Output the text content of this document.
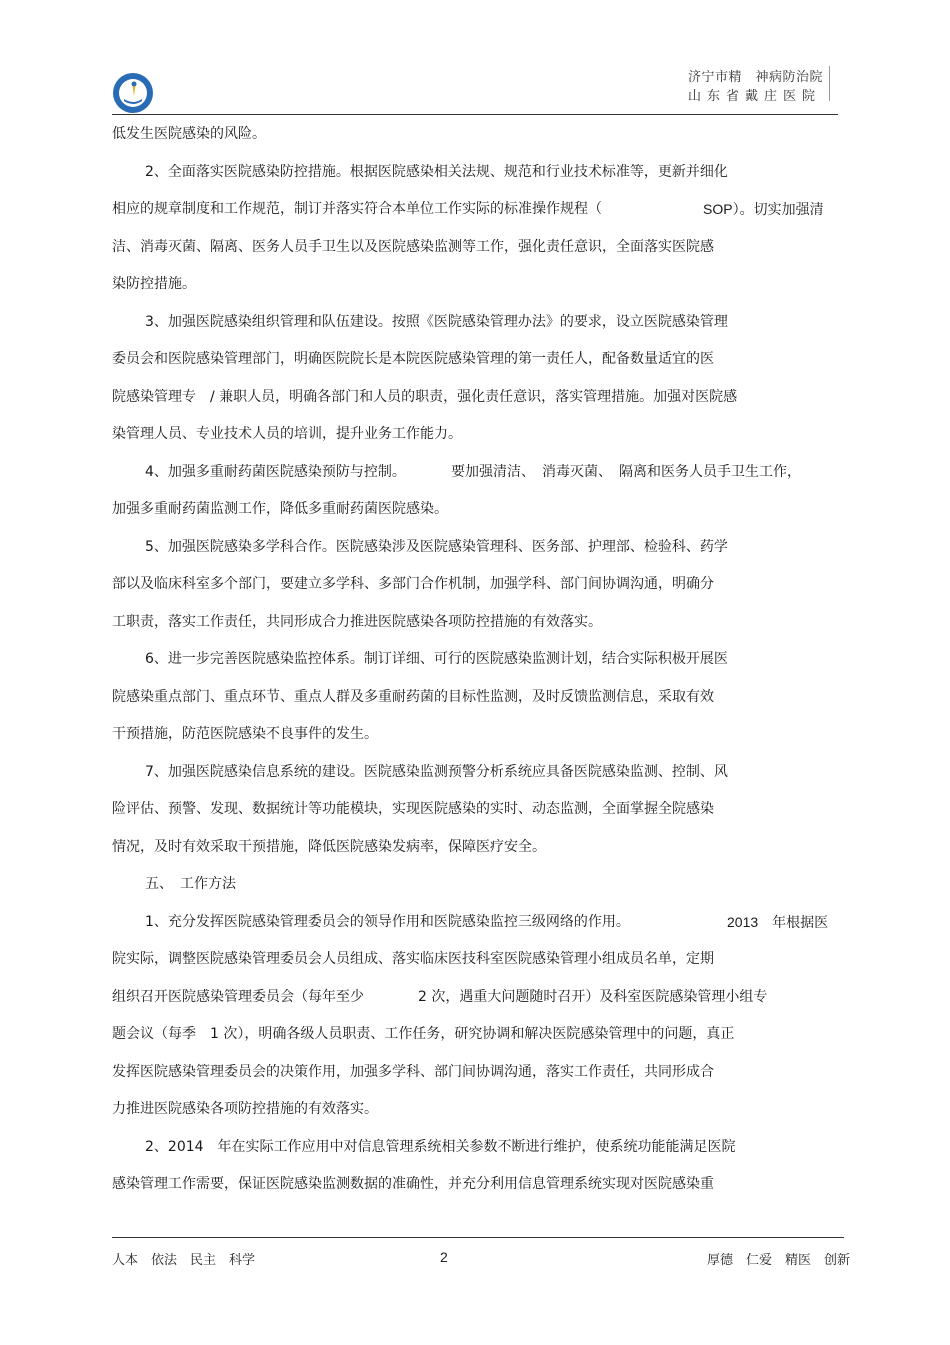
济宁市精　神病防治院
山东省戴庄医院
低发生医院感染的风险。
2、全面落实医院感染防控措施。根据医院感染相关法规、规范和行业技术标准等，更新并细化
相应的规章制度和工作规范，制订并落实符合本单位工作实际的标准操作规程（	SOP）。切实加强清
洁、消毒灭菌、隔离、医务人员手卫生以及医院感染监测等工作，强化责任意识，全面落实医院感
染防控措施。
3、加强医院感染组织管理和队伍建设。按照《医院感染管理办法》的要求，设立医院感染管理
委员会和医院感染管理部门，明确医院院长是本院医院感染管理的第一责任人，配备数量适宜的医
院感染管理专　/ 兼职人员，明确各部门和人员的职责，强化责任意识，落实管理措施。加强对医院感
染管理人员、专业技术人员的培训，提升业务工作能力。
4、加强多重耐药菌医院感染预防与控制。	要加强清洁、　消毒灭菌、　隔离和医务人员手卫生工作，
加强多重耐药菌监测工作，降低多重耐药菌医院感染。
5、加强医院感染多学科合作。医院感染涉及医院感染管理科、医务部、护理部、检验科、药学
部以及临床科室多个部门，要建立多学科、多部门合作机制，加强学科、部门间协调沟通，明确分
工职责，落实工作责任，共同形成合力推进医院感染各项防控措施的有效落实。
6、进一步完善医院感染监控体系。制订详细、可行的医院感染监测计划，结合实际积极开展医
院感染重点部门、重点环节、重点人群及多重耐药菌的目标性监测，及时反馈监测信息，采取有效
干预措施，防范医院感染不良事件的发生。
7、加强医院感染信息系统的建设。医院感染监测预警分析系统应具备医院感染监测、控制、风
险评估、预警、发现、数据统计等功能模块，实现医院感染的实时、动态监测，全面掌握全院感染
情况，及时有效采取干预措施，降低医院感染发病率，保障医疗安全。
五、　工作方法
1、充分发挥医院感染管理委员会的领导作用和医院感染监控三级网络的作用。	2013　年根据医
院实际，调整医院感染管理委员会人员组成、落实临床医技科室医院感染管理小组成员名单，定期
组织召开医院感染管理委员会（每年至少	2 次，遇重大问题随时召开）及科室医院感染管理小组专
题会议（每季　1 次），明确各级人员职责、工作任务，研究协调和解决医院感染管理中的问题，真正
发挥医院感染管理委员会的决策作用，加强多学科、部门间协调沟通，落实工作责任，共同形成合
力推进医院感染各项防控措施的有效落实。
2、2014　年在实际工作应用中对信息管理系统相关参数不断进行维护，使系统功能能满足医院
感染管理工作需要，保证医院感染监测数据的准确性，并充分利用信息管理系统实现对医院感染重
人本　依法　民主　科学	2	厚德　仁爱　精医　创新
